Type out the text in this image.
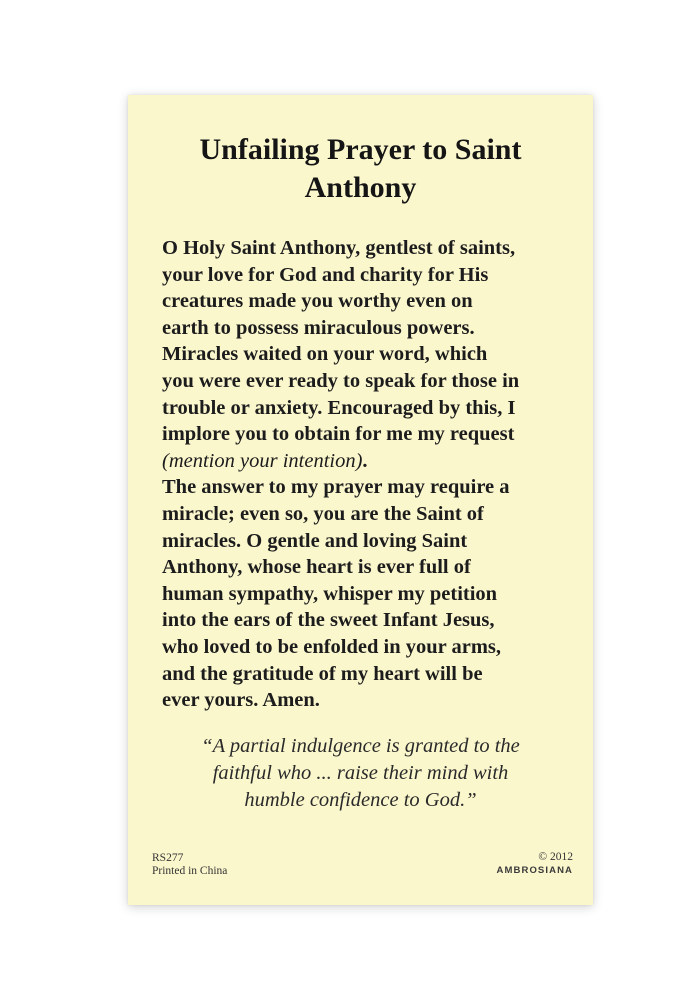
Unfailing Prayer to Saint
Anthony
O Holy Saint Anthony, gentlest of saints,
your love for God and charity for His
creatures made you worthy even on
earth to possess miraculous powers.
Miracles waited on your word, which
you were ever ready to speak for those in
trouble or anxiety. Encouraged by this, I
implore you to obtain for me my request
(mention your intention).
The answer to my prayer may require a
miracle; even so, you are the Saint of
miracles. O gentle and loving Saint
Anthony, whose heart is ever full of
human sympathy, whisper my petition
into the ears of the sweet Infant Jesus,
who loved to be enfolded in your arms,
and the gratitude of my heart will be
ever yours. Amen.
“A partial indulgence is granted to the
faithful who ... raise their mind with
humble confidence to God.”
RS277
Printed in China
© 2012
AMBROSIANA
